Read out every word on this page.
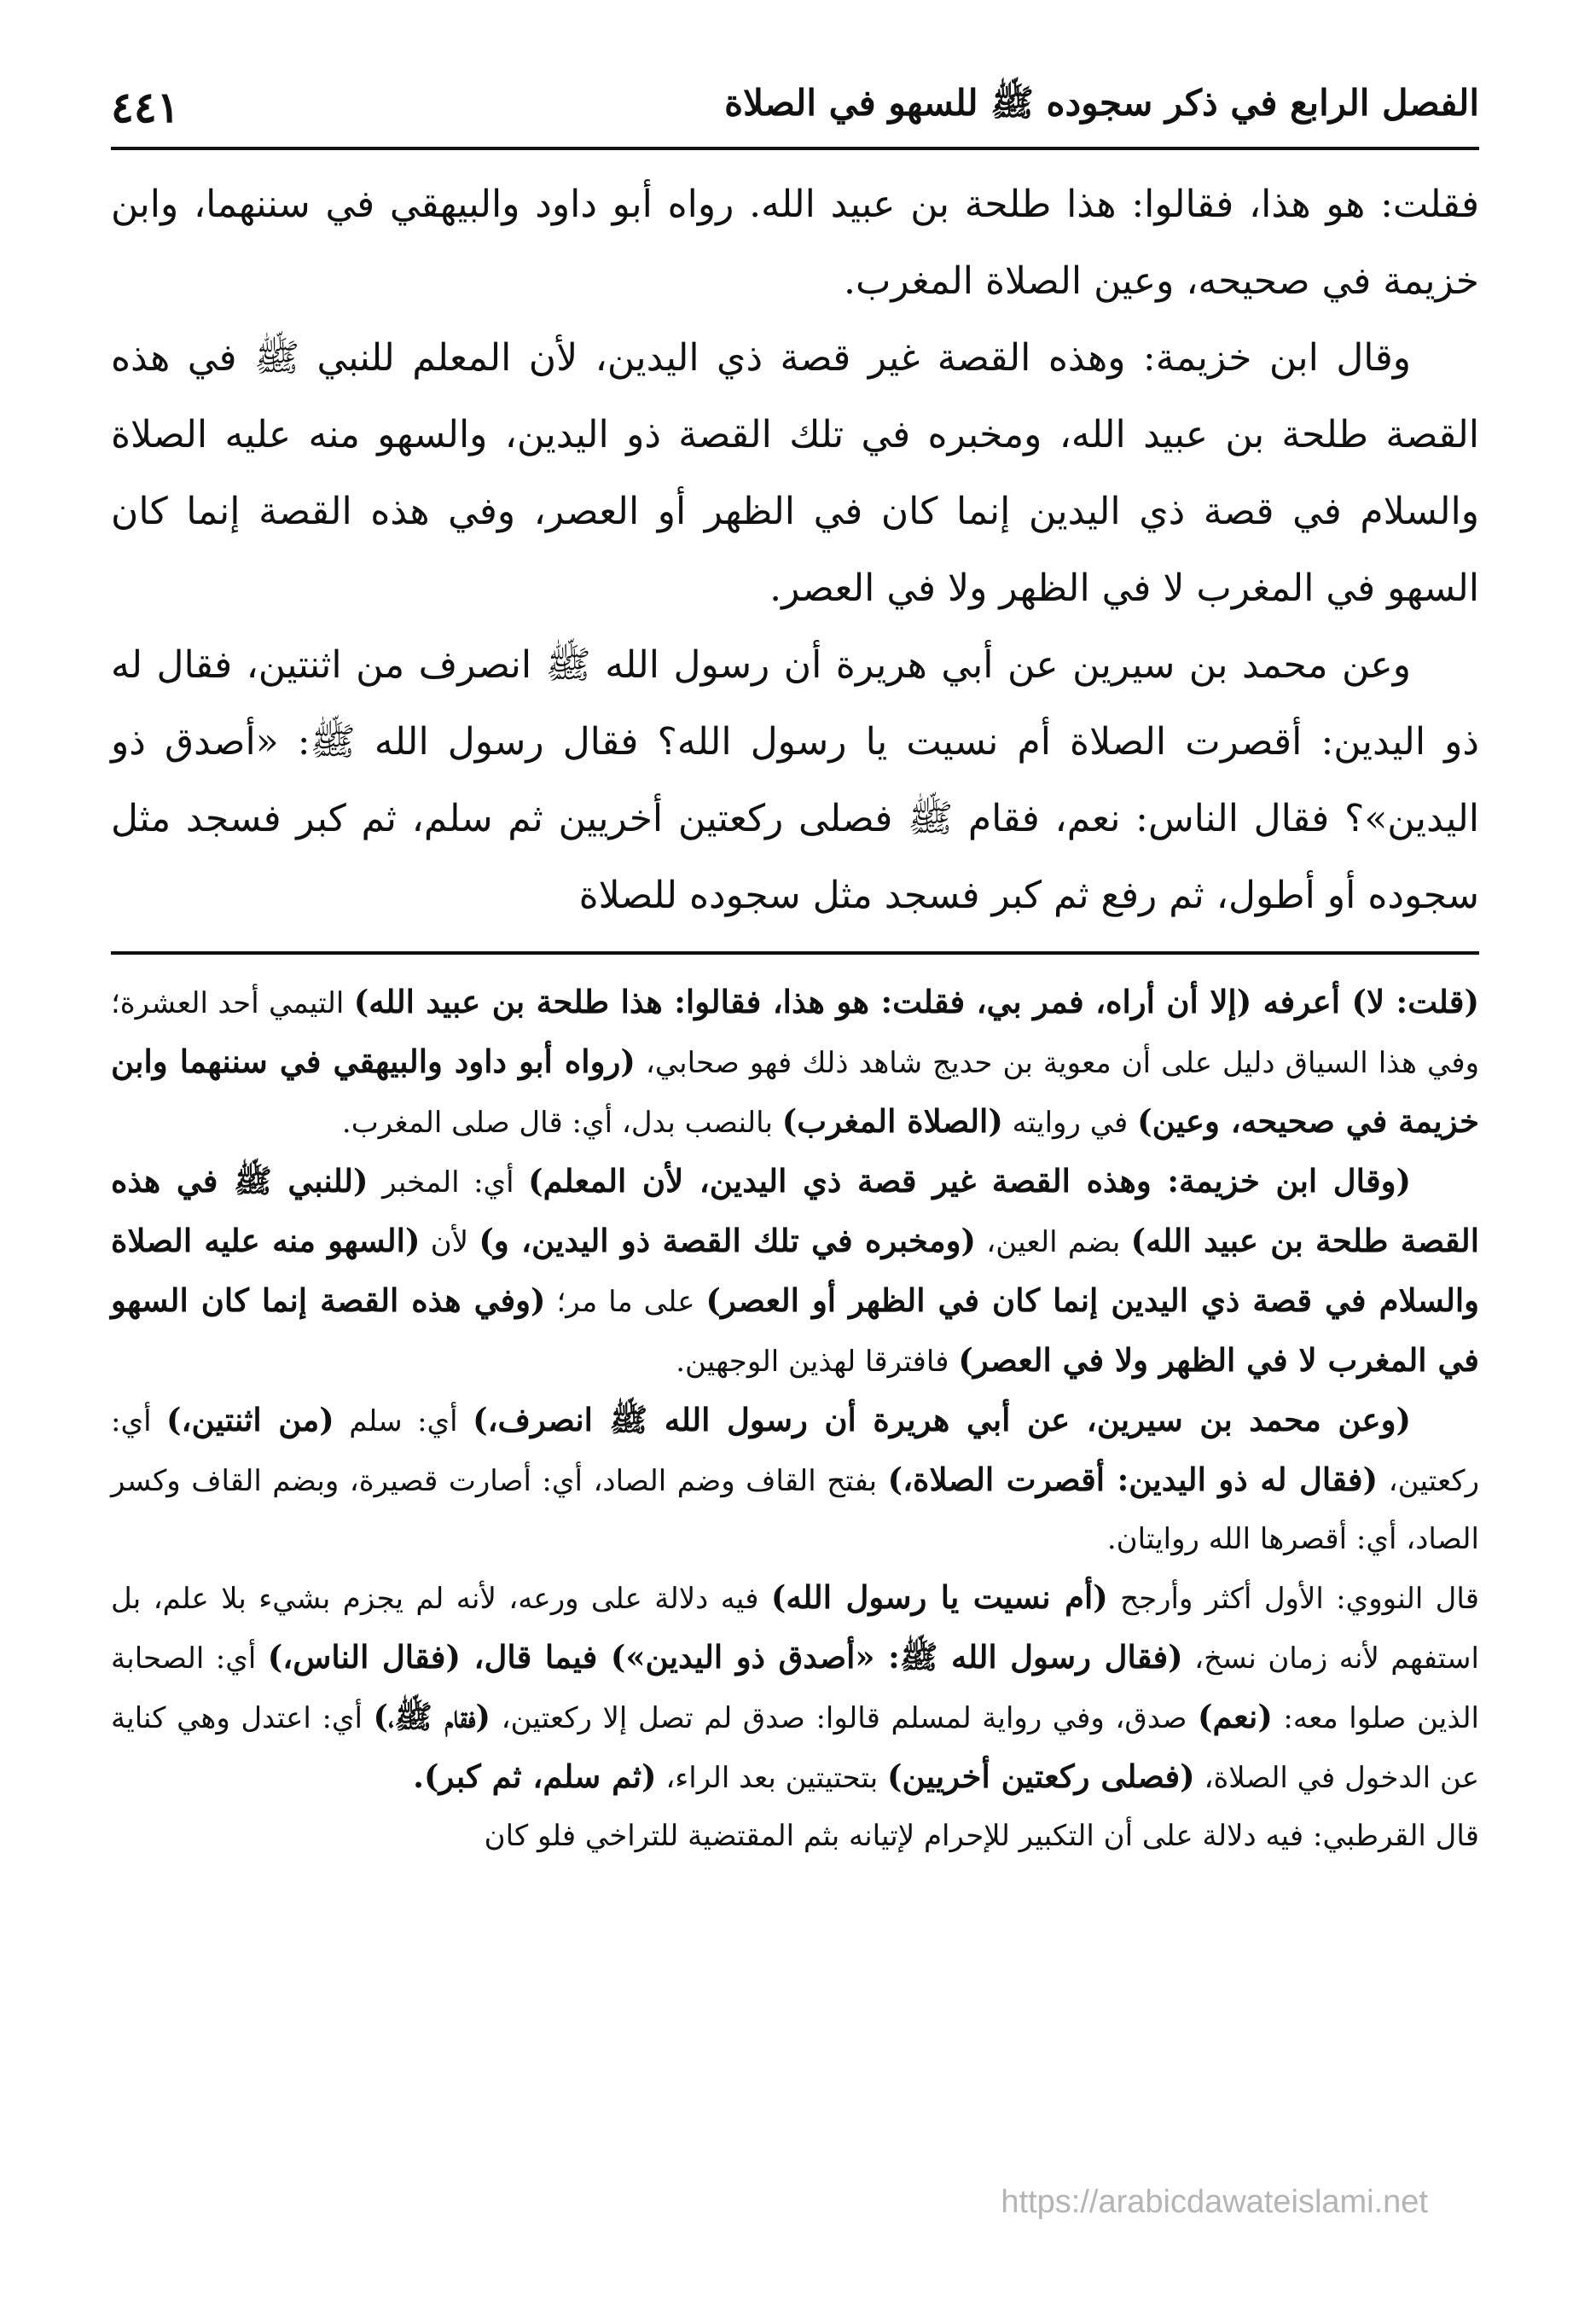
الفصل الرابع في ذكر سجوده ﷺ للسهو في الصلاة
٤٤١

فقلت: هو هذا، فقالوا: هذا طلحة بن عبيد الله. رواه أبو داود والبيهقي في سننهما، وابن خزيمة في صحيحه، وعين الصلاة المغرب.

وقال ابن خزيمة: وهذه القصة غير قصة ذي اليدين، لأن المعلم للنبي ﷺ في هذه القصة طلحة بن عبيد الله، ومخبره في تلك القصة ذو اليدين، والسهو منه عليه الصلاة والسلام في قصة ذي اليدين إنما كان في الظهر أو العصر، وفي هذه القصة إنما كان السهو في المغرب لا في الظهر ولا في العصر.

وعن محمد بن سيرين عن أبي هريرة أن رسول الله ﷺ انصرف من اثنتين، فقال له ذو اليدين: أقصرت الصلاة أم نسيت يا رسول الله؟ فقال رسول الله ﷺ: «أصدق ذو اليدين»؟ فقال الناس: نعم، فقام ﷺ فصلى ركعتين أخريين ثم سلم، ثم كبر فسجد مثل سجوده أو أطول، ثم رفع ثم كبر فسجد مثل سجوده للصلاة

(قلت: لا) أعرفه (إلا أن أراه، فمر بي، فقلت: هو هذا، فقالوا: هذا طلحة بن عبيد الله) التيمي أحد العشرة؛ وفي هذا السياق دليل على أن معوية بن حديج شاهد ذلك فهو صحابي، (رواه أبو داود والبيهقي في سننهما وابن خزيمة في صحيحه، وعين) في روايته (الصلاة المغرب) بالنصب بدل، أي: قال صلى المغرب.

(وقال ابن خزيمة: وهذه القصة غير قصة ذي اليدين، لأن المعلم) أي: المخبر (للنبي ﷺ في هذه القصة طلحة بن عبيد الله) بضم العين، (ومخبره في تلك القصة ذو اليدين، و) لأن (السهو منه عليه الصلاة والسلام في قصة ذي اليدين إنما كان في الظهر أو العصر) على ما مر؛ (وفي هذه القصة إنما كان السهو في المغرب لا في الظهر ولا في العصر) فافترقا لهذين الوجهين.

(وعن محمد بن سيرين، عن أبي هريرة أن رسول الله ﷺ انصرف،) أي: سلم (من اثنتين،) أي: ركعتين، (فقال له ذو اليدين: أقصرت الصلاة،) بفتح القاف وضم الصاد، أي: أصارت قصيرة، وبضم القاف وكسر الصاد، أي: أقصرها الله روايتان.

قال النووي: الأول أكثر وأرجح (أم نسيت يا رسول الله) فيه دلالة على ورعه، لأنه لم يجزم بشيء بلا علم، بل استفهم لأنه زمان نسخ، (فقال رسول الله ﷺ: «أصدق ذو اليدين») فيما قال، (فقال الناس،) أي: الصحابة الذين صلوا معه: (نعم) صدق، وفي رواية لمسلم قالوا: صدق لم تصل إلا ركعتين، (فقام ﷺ،) أي: اعتدل وهي كناية عن الدخول في الصلاة، (فصلى ركعتين أخريين) بتحتيتين بعد الراء، (ثم سلم، ثم كبر).

قال القرطبي: فيه دلالة على أن التكبير للإحرام لإتيانه بثم المقتضية للتراخي فلو كان

https://arabicdawateislami.net
